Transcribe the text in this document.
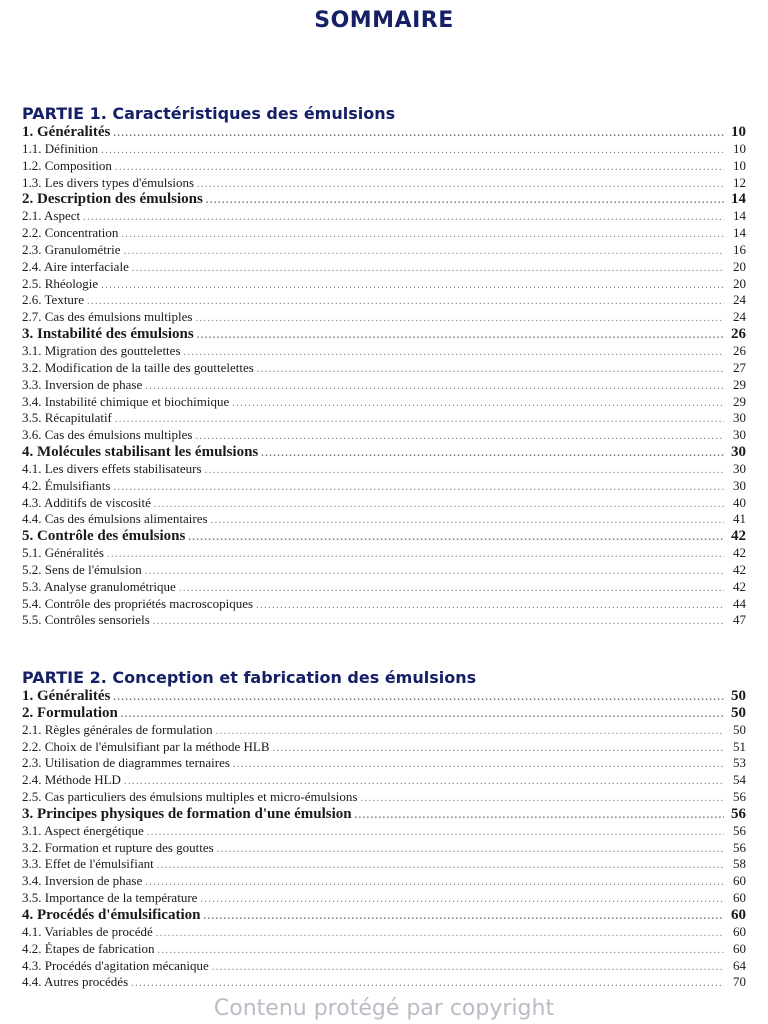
SOMMAIRE
PARTIE 1. Caractéristiques des émulsions
1. Généralités .....	10
1.1. Définition .....	10
1.2. Composition .....	10
1.3. Les divers types d'émulsions .....	12
2. Description des émulsions .....	14
2.1. Aspect .....	14
2.2. Concentration .....	14
2.3. Granulométrie .....	16
2.4. Aire interfaciale .....	20
2.5. Rhéologie .....	20
2.6. Texture .....	24
2.7. Cas des émulsions multiples .....	24
3. Instabilité des émulsions .....	26
3.1. Migration des gouttelettes .....	26
3.2. Modification de la taille des gouttelettes .....	27
3.3. Inversion de phase .....	29
3.4. Instabilité chimique et biochimique .....	29
3.5. Récapitulatif .....	30
3.6. Cas des émulsions multiples .....	30
4. Molécules stabilisant les émulsions .....	30
4.1. Les divers effets stabilisateurs .....	30
4.2. Émulsifiants .....	30
4.3. Additifs de viscosité .....	40
4.4. Cas des émulsions alimentaires .....	41
5. Contrôle des émulsions .....	42
5.1. Généralités .....	42
5.2. Sens de l'émulsion .....	42
5.3. Analyse granulométrique .....	42
5.4. Contrôle des propriétés macroscopiques .....	44
5.5. Contrôles sensoriels .....	47
PARTIE 2. Conception et fabrication des émulsions
1. Généralités .....	50
2. Formulation .....	50
2.1. Règles générales de formulation .....	50
2.2. Choix de l'émulsifiant par la méthode HLB .....	51
2.3. Utilisation de diagrammes ternaires .....	53
2.4. Méthode HLD .....	54
2.5. Cas particuliers des émulsions multiples et micro-émulsions .....	56
3. Principes physiques de formation d'une émulsion .....	56
3.1. Aspect énergétique .....	56
3.2. Formation et rupture des gouttes .....	56
3.3. Effet de l'émulsifiant .....	58
3.4. Inversion de phase .....	60
3.5. Importance de la température .....	60
4. Procédés d'émulsification .....	60
4.1. Variables de procédé .....	60
4.2. Étapes de fabrication .....	60
4.3. Procédés d'agitation mécanique .....	64
4.4. Autres procédés .....	70
Contenu protégé par copyright
